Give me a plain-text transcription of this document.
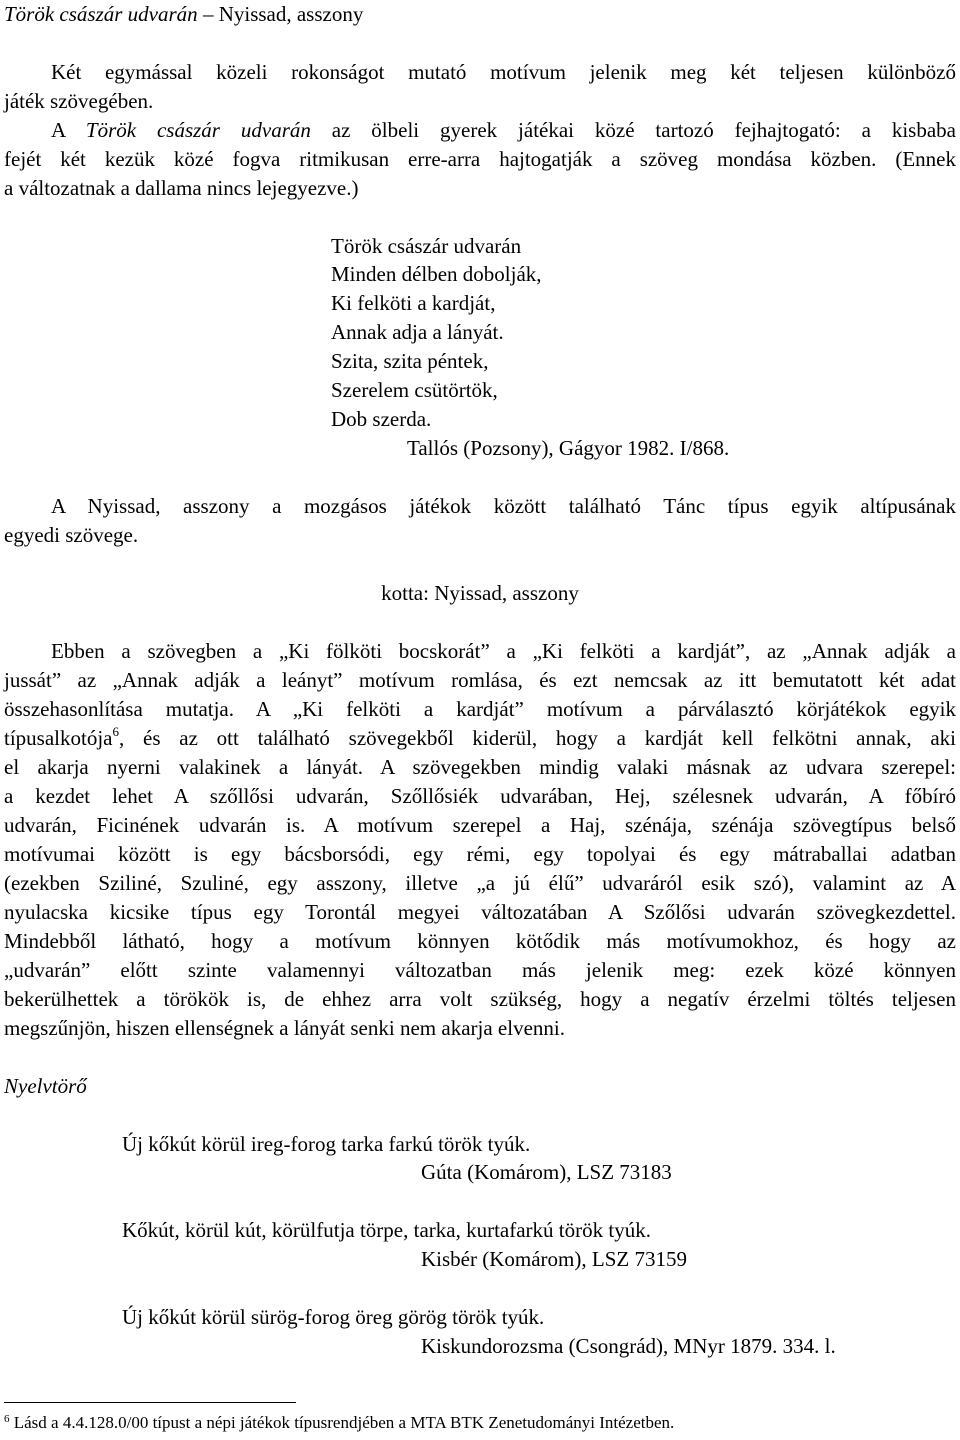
Török császár udvarán – Nyissad, asszony
Két egymással közeli rokonságot mutató motívum jelenik meg két teljesen különböző
játék szövegében.
A Török császár udvarán az ölbeli gyerek játékai közé tartozó fejhajtogató: a kisbaba
fejét két kezük közé fogva ritmikusan erre-arra hajtogatják a szöveg mondása közben. (Ennek
a változatnak a dallama nincs lejegyezve.)
Török császár udvarán
Minden délben dobolják,
Ki felköti a kardját,
Annak adja a lányát.
Szita, szita péntek,
Szerelem csütörtök,
Dob szerda.
Tallós (Pozsony), Gágyor 1982. I/868.
A Nyissad, asszony a mozgásos játékok között található Tánc típus egyik altípusának
egyedi szövege.
kotta: Nyissad, asszony
Ebben a szövegben a „Ki fölköti bocskorát” a „Ki felköti a kardját”, az „Annak adják a
jussát” az „Annak adják a leányt” motívum romlása, és ezt nemcsak az itt bemutatott két adat
összehasonlítása mutatja. A „Ki felköti a kardját” motívum a párválasztó körjátékok egyik
típusalkotója$^6$, és az ott található szövegekből kiderül, hogy a kardját kell felkötni annak, aki
el akarja nyerni valakinek a lányát. A szövegekben mindig valaki másnak az udvara szerepel:
a kezdet lehet A szőllősi udvarán, Szőllősiék udvarában, Hej, szélesnek udvarán, A főbíró
udvarán, Ficinének udvarán is. A motívum szerepel a Haj, szénája, szénája szövegtípus belső
motívumai között is egy bácsborsódi, egy rémi, egy topolyai és egy mátraballai adatban
(ezekben Sziliné, Szuliné, egy asszony, illetve „a jú élű” udvaráról esik szó), valamint az A
nyulacska kicsike típus egy Torontál megyei változatában A Szőlősi udvarán szövegkezdettel.
Mindebből látható, hogy a motívum könnyen kötődik más motívumokhoz, és hogy az
„udvarán” előtt szinte valamennyi változatban más jelenik meg: ezek közé könnyen
bekerülhettek a törökök is, de ehhez arra volt szükség, hogy a negatív érzelmi töltés teljesen
megszűnjön, hiszen ellenségnek a lányát senki nem akarja elvenni.
Nyelvtörő
Új kőkút körül ireg-forog tarka farkú török tyúk.
Gúta (Komárom), LSZ 73183
Kőkút, körül kút, körülfutja törpe, tarka, kurtafarkú török tyúk.
Kisbér (Komárom), LSZ 73159
Új kőkút körül sürög-forog öreg görög török tyúk.
Kiskundorozsma (Csongrád), MNyr 1879. 334. l.
$^6$ Lásd a 4.4.128.0/00 típust a népi játékok típusrendjében a MTA BTK Zenetudományi Intézetben.
